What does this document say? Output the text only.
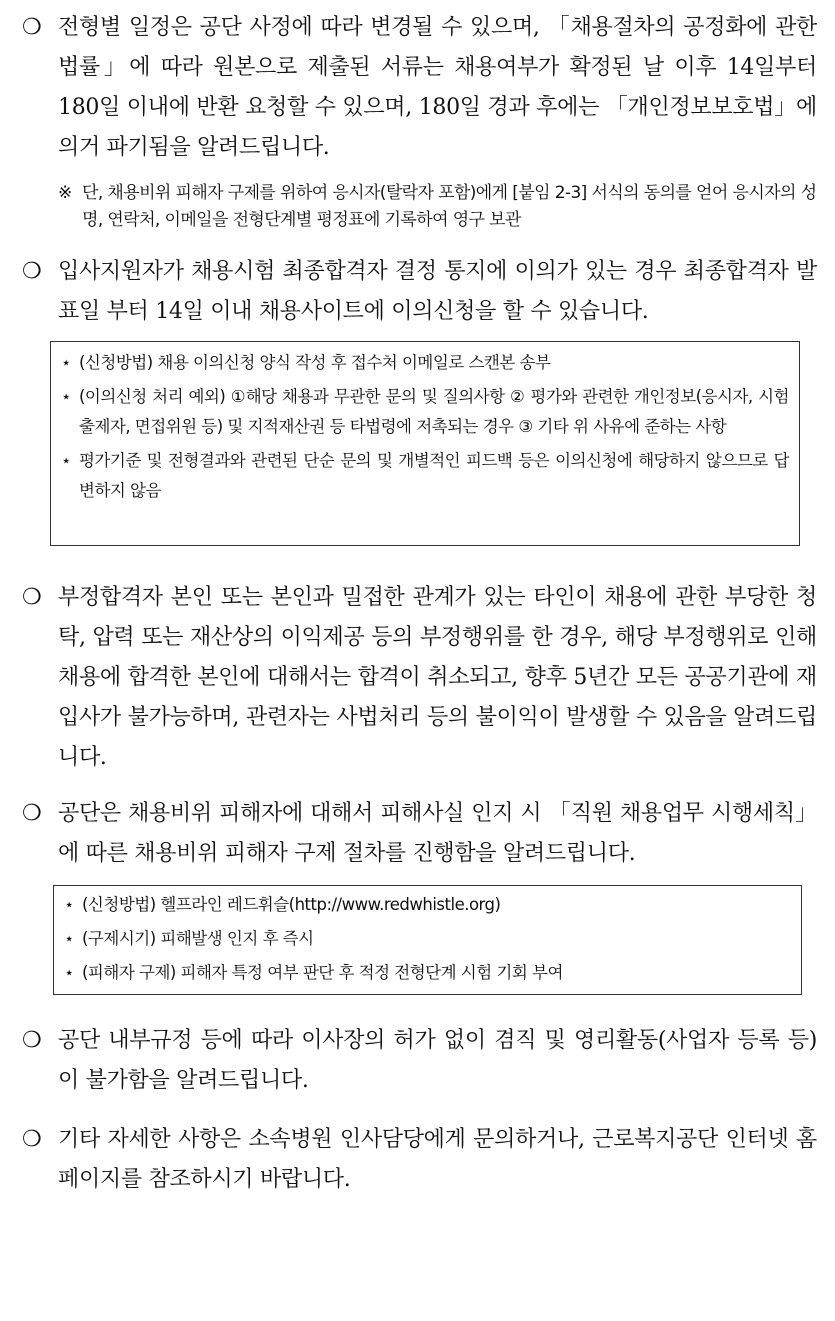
❍ 전형별 일정은 공단 사정에 따라 변경될 수 있으며, 「채용절차의 공정화에 관한 법률」에 따라 원본으로 제출된 서류는 채용여부가 확정된 날 이후 14일부터 180일 이내에 반환 요청할 수 있으며, 180일 경과 후에는 「개인정보보호법」에 의거 파기됨을 알려드립니다.
※ 단, 채용비위 피해자 구제를 위하여 응시자(탈락자 포함)에게 [붙임 2-3] 서식의 동의를 얻어 응시자의 성명, 연락처, 이메일을 전형단계별 평정표에 기록하여 영구 보관
❍ 입사지원자가 채용시험 최종합격자 결정 통지에 이의가 있는 경우 최종합격자 발표일 부터 14일 이내 채용사이트에 이의신청을 할 수 있습니다.
⋆ (신청방법) 채용 이의신청 양식 작성 후 접수처 이메일로 스캔본 송부
⋆ (이의신청 처리 예외) ①해당 채용과 무관한 문의 및 질의사항 ② 평가와 관련한 개인정보(응시자, 시험출제자, 면접위원 등) 및 지적재산권 등 타법령에 저촉되는 경우 ③ 기타 위 사유에 준하는 사항
⋆ 평가기준 및 전형결과와 관련된 단순 문의 및 개별적인 피드백 등은 이의신청에 해당하지 않으므로 답변하지 않음
❍ 부정합격자 본인 또는 본인과 밀접한 관계가 있는 타인이 채용에 관한 부당한 청탁, 압력 또는 재산상의 이익제공 등의 부정행위를 한 경우, 해당 부정행위로 인해 채용에 합격한 본인에 대해서는 합격이 취소되고, 향후 5년간 모든 공공기관에 재입사가 불가능하며, 관련자는 사법처리 등의 불이익이 발생할 수 있음을 알려드립니다.
❍ 공단은 채용비위 피해자에 대해서 피해사실 인지 시 「직원 채용업무 시행세칙」에 따른 채용비위 피해자 구제 절차를 진행함을 알려드립니다.
⋆ (신청방법) 헬프라인 레드휘슬(http://www.redwhistle.org)
⋆ (구제시기) 피해발생 인지 후 즉시
⋆ (피해자 구제) 피해자 특정 여부 판단 후 적정 전형단계 시험 기회 부여
❍ 공단 내부규정 등에 따라 이사장의 허가 없이 겸직 및 영리활동(사업자 등록 등)이 불가함을 알려드립니다.
❍ 기타 자세한 사항은 소속병원 인사담당에게 문의하거나, 근로복지공단 인터넷 홈페이지를 참조하시기 바랍니다.
